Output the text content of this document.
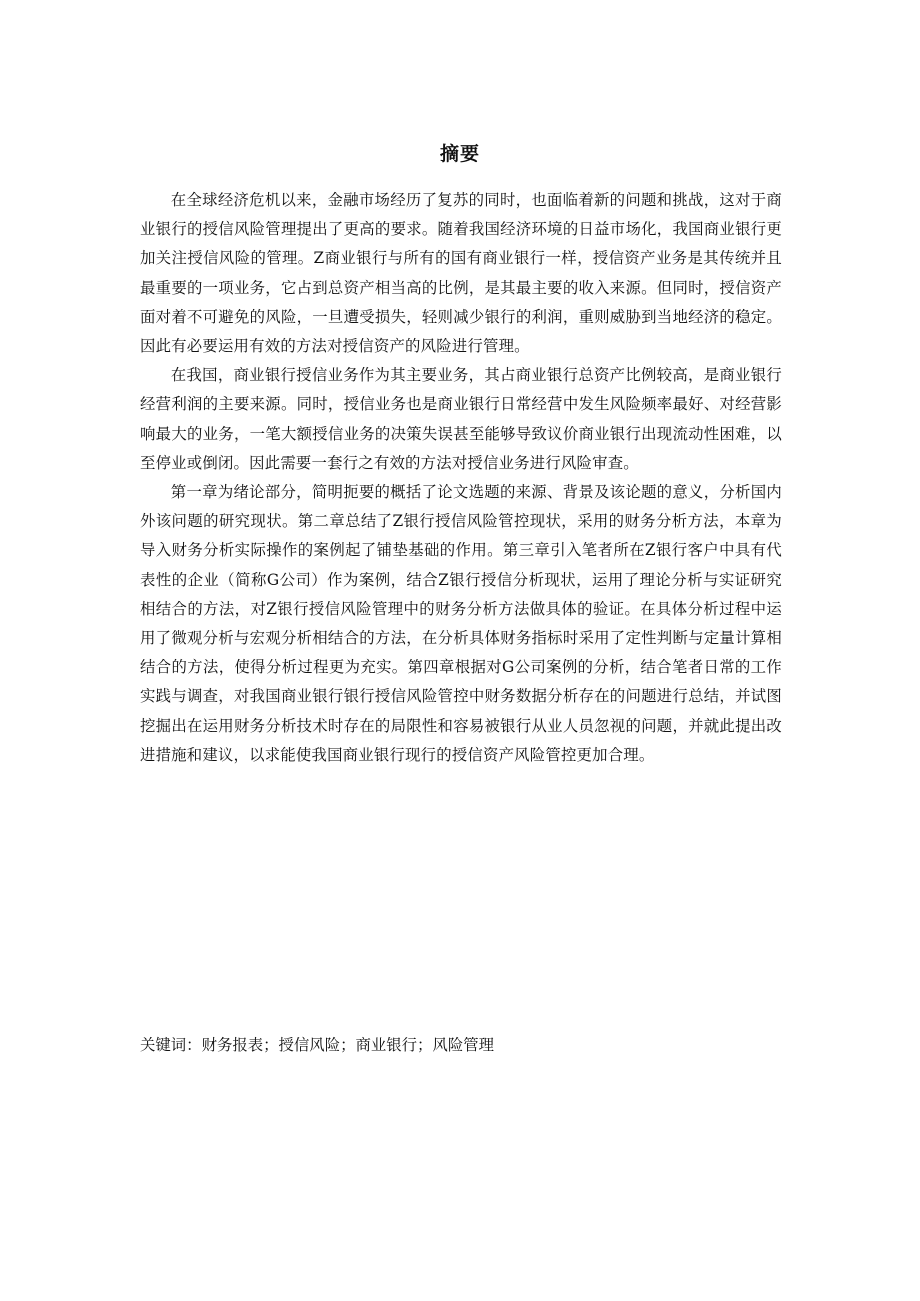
摘要

在全球经济危机以来，金融市场经历了复苏的同时，也面临着新的问题和挑战，这对于商业银行的授信风险管理提出了更高的要求。随着我国经济环境的日益市场化，我国商业银行更加关注授信风险的管理。Z商业银行与所有的国有商业银行一样，授信资产业务是其传统并且最重要的一项业务，它占到总资产相当高的比例，是其最主要的收入来源。但同时，授信资产面对着不可避免的风险，一旦遭受损失，轻则减少银行的利润，重则威胁到当地经济的稳定。因此有必要运用有效的方法对授信资产的风险进行管理。

在我国，商业银行授信业务作为其主要业务，其占商业银行总资产比例较高，是商业银行经营利润的主要来源。同时，授信业务也是商业银行日常经营中发生风险频率最好、对经营影响最大的业务，一笔大额授信业务的决策失误甚至能够导致议价商业银行出现流动性困难，以至停业或倒闭。因此需要一套行之有效的方法对授信业务进行风险审查。

第一章为绪论部分，简明扼要的概括了论文选题的来源、背景及该论题的意义，分析国内外该问题的研究现状。第二章总结了Z银行授信风险管控现状，采用的财务分析方法，本章为导入财务分析实际操作的案例起了铺垫基础的作用。第三章引入笔者所在Z银行客户中具有代表性的企业（简称G公司）作为案例，结合Z银行授信分析现状，运用了理论分析与实证研究相结合的方法，对Z银行授信风险管理中的财务分析方法做具体的验证。在具体分析过程中运用了微观分析与宏观分析相结合的方法，在分析具体财务指标时采用了定性判断与定量计算相结合的方法，使得分析过程更为充实。第四章根据对G公司案例的分析，结合笔者日常的工作实践与调查，对我国商业银行银行授信风险管控中财务数据分析存在的问题进行总结，并试图挖掘出在运用财务分析技术时存在的局限性和容易被银行从业人员忽视的问题，并就此提出改进措施和建议，以求能使我国商业银行现行的授信资产风险管控更加合理。

关键词：财务报表；授信风险；商业银行；风险管理
